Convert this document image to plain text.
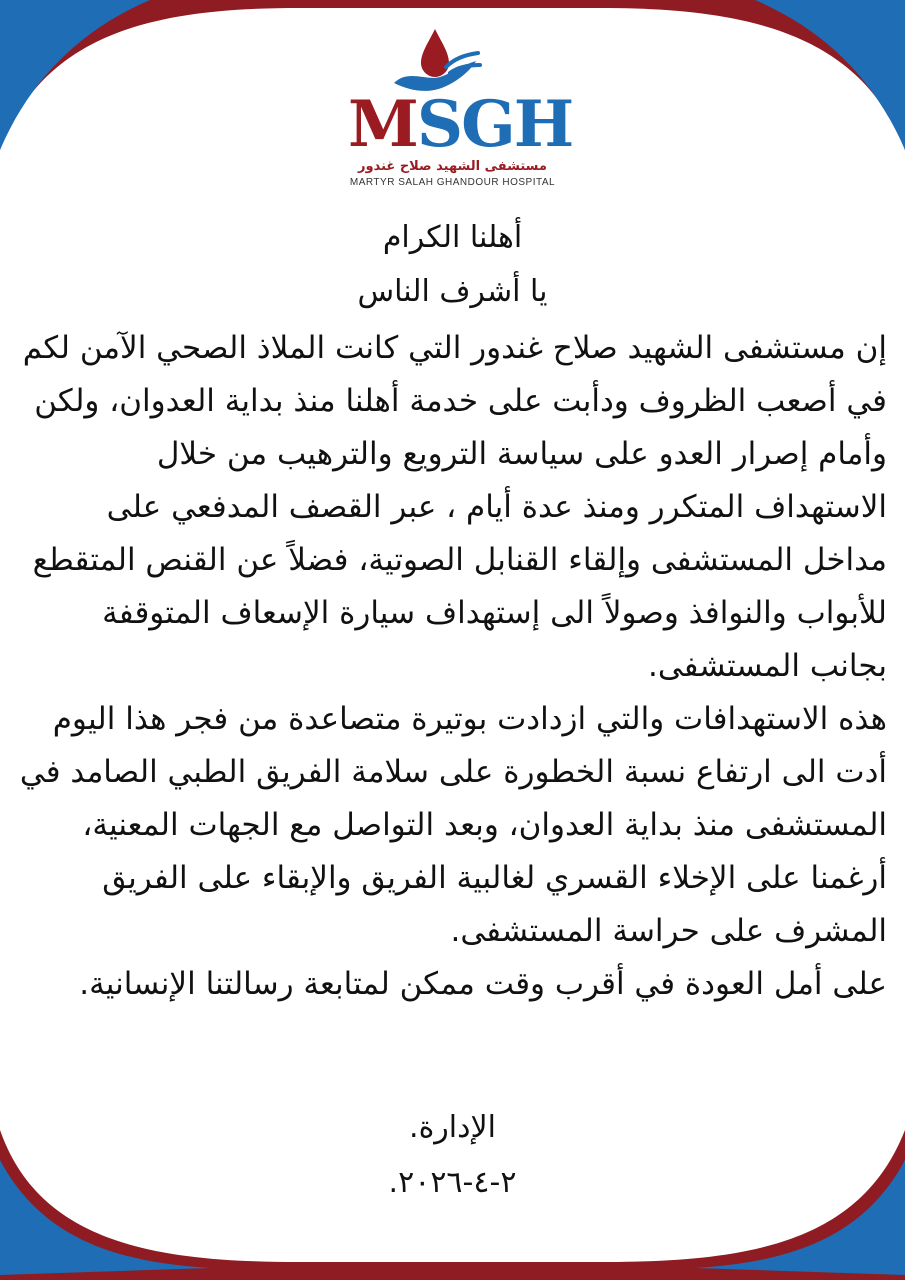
MSGH
مستشفى الشهيد صلاح غندور
MARTYR SALAH GHANDOUR HOSPITAL
أهلنا الكرام
يا أشرف الناس

إن مستشفى الشهيد صلاح غندور التي كانت الملاذ الصحي الآمن لكم في أصعب الظروف ودأبت على خدمة أهلنا منذ بداية العدوان، ولكن وأمام إصرار العدو على سياسة الترويع والترهيب من خلال الاستهداف المتكرر ومنذ عدة أيام ، عبر القصف المدفعي على مداخل المستشفى وإلقاء القنابل الصوتية، فضلاً عن القنص المتقطع للأبواب والنوافذ وصولاً الى إستهداف سيارة الإسعاف المتوقفة بجانب المستشفى.

هذه الاستهدافات والتي ازدادت بوتيرة متصاعدة من فجر هذا اليوم أدت الى ارتفاع نسبة الخطورة على سلامة الفريق الطبي الصامد في المستشفى منذ بداية العدوان، وبعد التواصل مع الجهات المعنية، أرغمنا على الإخلاء القسري لغالبية الفريق والإبقاء على الفريق المشرف على حراسة المستشفى.

على أمل العودة في أقرب وقت ممكن لمتابعة رسالتنا الإنسانية.

الإدارة.
٢-٤-٢٠٢٦.
